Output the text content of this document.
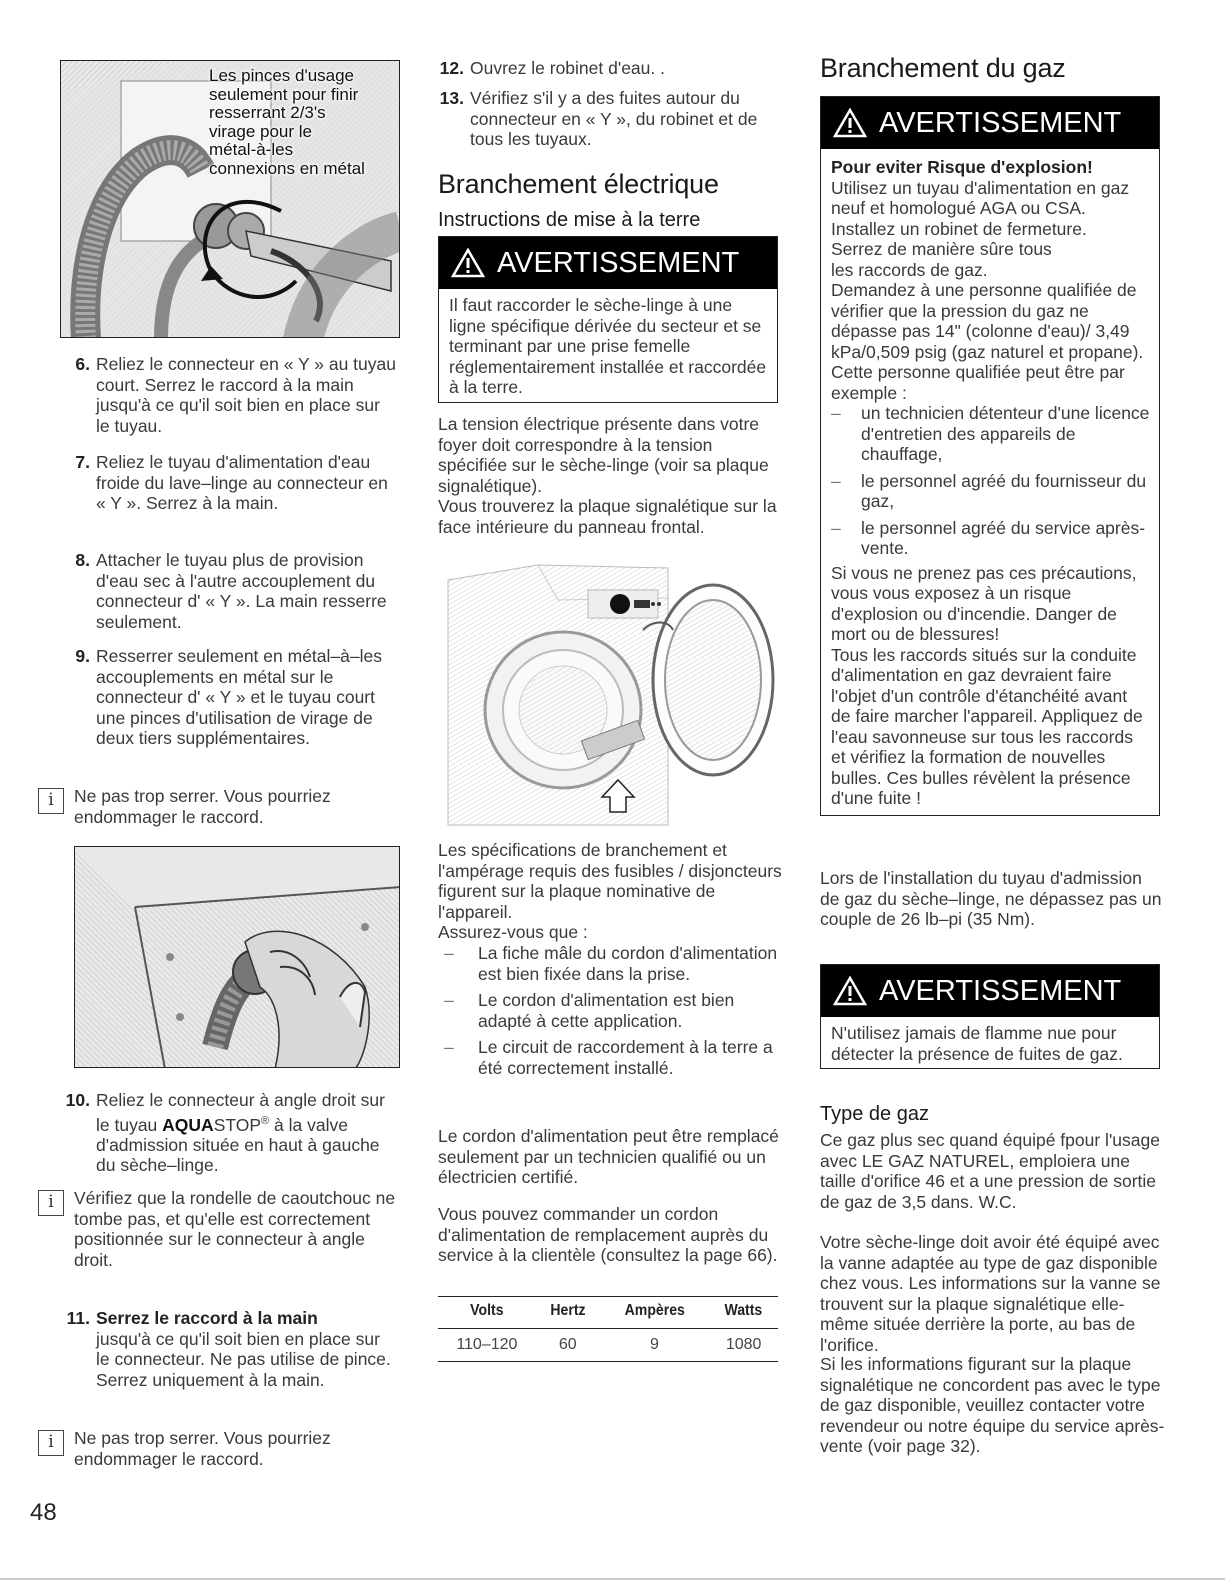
Les pinces d'usage
seulement pour finir
resserrant 2/3's
virage pour le
métal-à-les
connexions en métal
6. Reliez le connecteur en « Y » au tuyau court. Serrez le raccord à la main jusqu'à ce qu'il soit bien en place sur le tuyau.
7. Reliez le tuyau d'alimentation d'eau froide du lave–linge au connecteur en « Y ». Serrez à la main.
8. Attacher le tuyau plus de provision d'eau sec à l'autre accouplement du connecteur d' « Y ». La main resserre seulement.
9. Resserrer seulement en métal–à–les accouplements en métal sur le connecteur d' « Y » et le tuyau court une pinces d'utilisation de virage de deux tiers supplémentaires.
i	Ne pas trop serrer. Vous pourriez endommager le raccord.
10. Reliez le connecteur à angle droit sur le tuyau AQUASTOP® à la valve d'admission située en haut à gauche du sèche–linge.
i	Vérifiez que la rondelle de caoutchouc ne tombe pas, et qu'elle est correctement positionnée sur le connecteur à angle droit.
11. Serrez le raccord à la main
jusqu'à ce qu'il soit bien en place sur le connecteur. Ne pas utilise de pince. Serrez uniquement à la main.
i	Ne pas trop serrer. Vous pourriez endommager le raccord.
12. Ouvrez le robinet d'eau. .
13. Vérifiez s'il y a des fuites autour du connecteur en « Y », du robinet et de tous les tuyaux.
Branchement électrique
Instructions de mise à la terre
AVERTISSEMENT
Il faut raccorder le sèche-linge à une ligne spécifique dérivée du secteur et se terminant par une prise femelle réglementairement installée et raccordée à la terre.
La tension électrique présente dans votre foyer doit correspondre à la tension spécifiée sur le sèche-linge (voir sa plaque signalétique).
Vous trouverez la plaque signalétique sur la face intérieure du panneau frontal.
Les spécifications de branchement et l'ampérage requis des fusibles / disjoncteurs figurent sur la plaque nominative de l'appareil.
Assurez-vous que :
–	La fiche mâle du cordon d'alimentation est bien fixée dans la prise.
–	Le cordon d'alimentation est bien adapté à cette application.
–	Le circuit de raccordement à la terre a été correctement installé.
Le cordon d'alimentation peut être remplacé seulement par un technicien qualifié ou un électricien certifié.
Vous pouvez commander un cordon d'alimentation de remplacement auprès du service à la clientèle (consultez la page 66).
Volts	Hertz	Ampères	Watts
110–120	60	9	1080
Branchement du gaz
AVERTISSEMENT
Pour eviter Risque d'explosion!
Utilisez un tuyau d'alimentation en gaz neuf et homologué AGA ou CSA.
Installez un robinet de fermeture.
Serrez de manière sûre tous
les raccords de gaz.
Demandez à une personne qualifiée de vérifier que la pression du gaz ne dépasse pas 14" (colonne d'eau)/ 3,49 kPa/0,509 psig (gaz naturel et propane).
Cette personne qualifiée peut être par exemple :
–	un technicien détenteur d'une licence d'entretien des appareils de chauffage,
–	le personnel agréé du fournisseur du gaz,
–	le personnel agréé du service après-vente.
Si vous ne prenez pas ces précautions, vous vous exposez à un risque d'explosion ou d'incendie. Danger de mort ou de blessures!
Tous les raccords situés sur la conduite d'alimentation en gaz devraient faire l'objet d'un contrôle d'étanchéité avant de faire marcher l'appareil. Appliquez de l'eau savonneuse sur tous les raccords et vérifiez la formation de nouvelles bulles. Ces bulles révèlent la présence d'une fuite !
Lors de l'installation du tuyau d'admission de gaz du sèche–linge, ne dépassez pas un
couple de 26 lb–pi (35 Nm).
AVERTISSEMENT
N'utilisez jamais de flamme nue pour détecter la présence de fuites de gaz.
Type de gaz
Ce gaz plus sec quand équipé fpour l'usage avec LE GAZ NATUREL, emploiera une taille d'orifice 46 et a une pression de sortie de gaz de 3,5 dans. W.C.
Votre sèche-linge doit avoir été équipé avec la vanne adaptée au type de gaz disponible chez vous. Les informations sur la vanne se trouvent sur la plaque signalétique elle-même située derrière la porte, au bas de l'orifice.
Si les informations figurant sur la plaque signalétique ne concordent pas avec le type de gaz disponible, veuillez contacter votre revendeur ou notre équipe du service après-vente (voir page 32).
48
